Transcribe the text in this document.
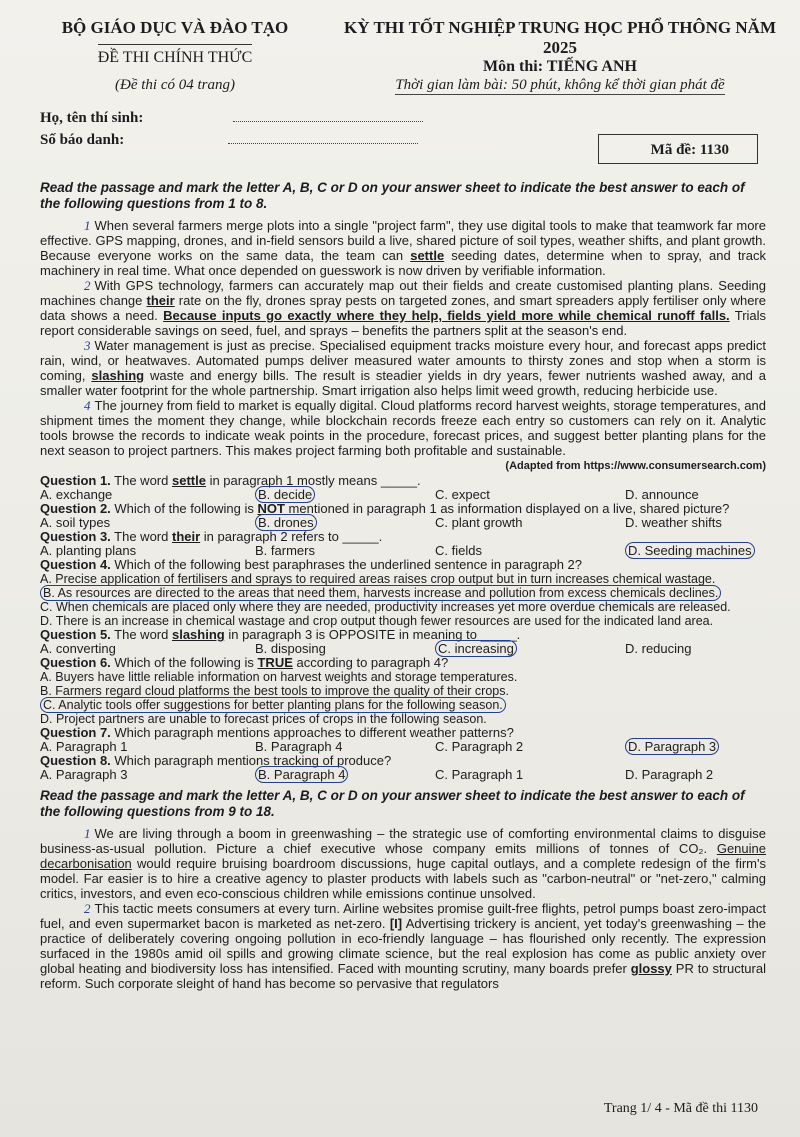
BỘ GIÁO DỤC VÀ ĐÀO TẠO
ĐỀ THI CHÍNH THỨC
(Đề thi có 04 trang)
KỲ THI TỐT NGHIỆP TRUNG HỌC PHỔ THÔNG NĂM 2025
Môn thi: TIẾNG ANH
Thời gian làm bài: 50 phút, không kể thời gian phát đề
Họ, tên thí sinh:
Số báo danh:
Mã đề: 1130

Read the passage and mark the letter A, B, C or D on your answer sheet to indicate the best answer to each of the following questions from 1 to 8.

1 When several farmers merge plots into a single "project farm", they use digital tools to make that teamwork far more effective. GPS mapping, drones, and in-field sensors build a live, shared picture of soil types, weather shifts, and plant growth. Because everyone works on the same data, the team can settle seeding dates, determine when to spray, and track machinery in real time. What once depended on guesswork is now driven by verifiable information.

2 With GPS technology, farmers can accurately map out their fields and create customised planting plans. Seeding machines change their rate on the fly, drones spray pests on targeted zones, and smart spreaders apply fertiliser only where data shows a need. Because inputs go exactly where they help, fields yield more while chemical runoff falls. Trials report considerable savings on seed, fuel, and sprays – benefits the partners split at the season's end.

3 Water management is just as precise. Specialised equipment tracks moisture every hour, and forecast apps predict rain, wind, or heatwaves. Automated pumps deliver measured water amounts to thirsty zones and stop when a storm is coming, slashing waste and energy bills. The result is steadier yields in dry years, fewer nutrients washed away, and a smaller water footprint for the whole partnership. Smart irrigation also helps limit weed growth, reducing herbicide use.

4 The journey from field to market is equally digital. Cloud platforms record harvest weights, storage temperatures, and shipment times the moment they change, while blockchain records freeze each entry so customers can rely on it. Analytic tools browse the records to indicate weak points in the procedure, forecast prices, and suggest better planting plans for the next season to project partners. This makes project farming both profitable and sustainable.

(Adapted from https://www.consumersearch.com)

Question 1. The word settle in paragraph 1 mostly means _____.

A. exchange	B. decide	C. expect	D. announce

Question 2. Which of the following is NOT mentioned in paragraph 1 as information displayed on a live, shared picture?

A. soil types	B. drones	C. plant growth	D. weather shifts

Question 3. The word their in paragraph 2 refers to _____.

A. planting plans	B. farmers	C. fields	D. Seeding machines

Question 4. Which of the following best paraphrases the underlined sentence in paragraph 2?

A. Precise application of fertilisers and sprays to required areas raises crop output but in turn increases chemical wastage.

B. As resources are directed to the areas that need them, harvests increase and pollution from excess chemicals declines.

C. When chemicals are placed only where they are needed, productivity increases yet more overdue chemicals are released.

D. There is an increase in chemical wastage and crop output though fewer resources are used for the indicated land area.

Question 5. The word slashing in paragraph 3 is OPPOSITE in meaning to _____.

A. converting	B. disposing	C. increasing	D. reducing

Question 6. Which of the following is TRUE according to paragraph 4?

A. Buyers have little reliable information on harvest weights and storage temperatures.

B. Farmers regard cloud platforms the best tools to improve the quality of their crops.

C. Analytic tools offer suggestions for better planting plans for the following season.

D. Project partners are unable to forecast prices of crops in the following season.

Question 7. Which paragraph mentions approaches to different weather patterns?

A. Paragraph 1	B. Paragraph 4	C. Paragraph 2	D. Paragraph 3

Question 8. Which paragraph mentions tracking of produce?

A. Paragraph 3	B. Paragraph 4	C. Paragraph 1	D. Paragraph 2

Read the passage and mark the letter A, B, C or D on your answer sheet to indicate the best answer to each of the following questions from 9 to 18.

1 We are living through a boom in greenwashing – the strategic use of comforting environmental claims to disguise business-as-usual pollution. Picture a chief executive whose company emits millions of tonnes of CO₂. Genuine decarbonisation would require bruising boardroom discussions, huge capital outlays, and a complete redesign of the firm's model. Far easier is to hire a creative agency to plaster products with labels such as "carbon-neutral" or "net-zero," calming critics, investors, and even eco-conscious children while emissions continue unsolved.

2 This tactic meets consumers at every turn. Airline websites promise guilt-free flights, petrol pumps boast zero-impact fuel, and even supermarket bacon is marketed as net-zero. [I] Advertising trickery is ancient, yet today's greenwashing – the practice of deliberately covering ongoing pollution in eco-friendly language – has flourished only recently. The expression surfaced in the 1980s amid oil spills and growing climate science, but the real explosion has come as public anxiety over global heating and biodiversity loss has intensified. Faced with mounting scrutiny, many boards prefer glossy PR to structural reform. Such corporate sleight of hand has become so pervasive that regulators

Trang 1/ 4 - Mã đề thi 1130
